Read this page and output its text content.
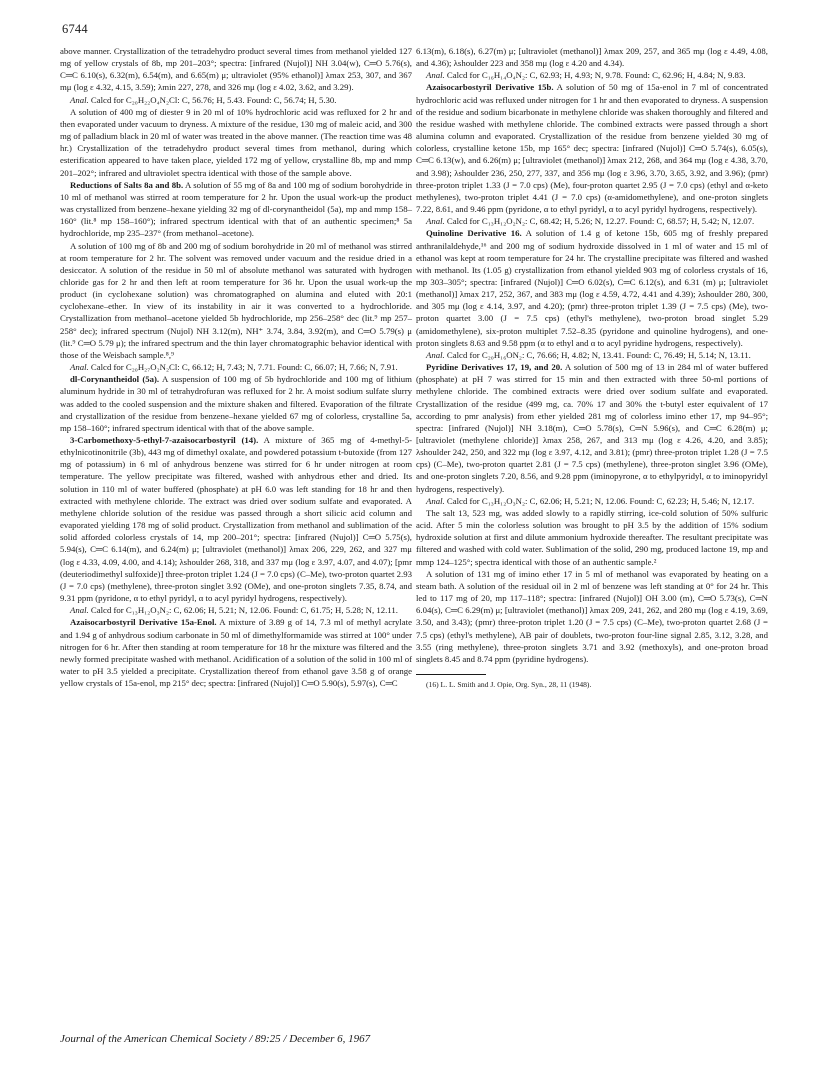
6744

above manner. Crystallization of the tetradehydro product several times from methanol yielded 127 mg of yellow crystals of 8b, mp 201–203°; spectra: [infrared (Nujol)] NH 3.04(w), C═O 5.76(s), C═C 6.10(s), 6.32(m), 6.54(m), and 6.65(m) μ; ultraviolet (95% ethanol)] λmax 253, 307, and 367 mμ (log ε 4.32, 4.15, 3.59); λmin 227, 278, and 326 mμ (log ε 4.02, 3.62, and 3.29).

Anal. Calcd for C₂₀H₂₂O₄N₂Cl: C, 56.76; H, 5.43. Found: C, 56.74; H, 5.30.

A solution of 400 mg of diester 9 in 20 ml of 10% hydrochloric acid was refluxed for 2 hr and then evaporated under vacuum to dryness. A mixture of the residue, 130 mg of maleic acid, and 300 mg of palladium black in 20 ml of water was treated in the above manner. (The reaction time was 48 hr.) Crystallization of the tetradehydro product several times from methanol, during which esterification appeared to have taken place, yielded 172 mg of yellow, crystalline 8b, mp and mmp 201–202°; infrared and ultraviolet spectra identical with those of the sample above.

Reductions of Salts 8a and 8b. A solution of 55 mg of 8a and 100 mg of sodium borohydride in 10 ml of methanol was stirred at room temperature for 2 hr. Upon the usual work-up the product was crystallized from benzene–hexane yielding 32 mg of dl-corynantheidol (5a), mp and mmp 158–160° (lit.⁸ mp 158–160°); infrared spectrum identical with that of an authentic specimen;⁸ 5a hydrochloride, mp 235–237° (from methanol–acetone).

A solution of 100 mg of 8b and 200 mg of sodium borohydride in 20 ml of methanol was stirred at room temperature for 2 hr. The solvent was removed under vacuum and the residue dried in a desiccator. A solution of the residue in 50 ml of absolute methanol was saturated with hydrogen chloride gas for 2 hr and then left at room temperature for 36 hr. Upon the usual work-up the product (in cyclohexane solution) was chromatographed on alumina and eluted with 20:1 cyclohexane–ether. In view of its instability in air it was converted to a hydrochloride. Crystallization from methanol–acetone yielded 5b hydrochloride, mp 256–258° dec (lit.⁹ mp 257–258° dec); infrared spectrum (Nujol) NH 3.12(m), NH⁺ 3.74, 3.84, 3.92(m), and C═O 5.79(s) μ (lit.⁹ C═O 5.79 μ); the infrared spectrum and the thin layer chromatographic behavior identical with those of the Weisbach sample.⁸,⁹

Anal. Calcd for C₂₀H₂₇O₂N₂Cl: C, 66.12; H, 7.43; N, 7.71. Found: C, 66.07; H, 7.66; N, 7.91.

dl-Corynantheidol (5a). A suspension of 100 mg of 5b hydrochloride and 100 mg of lithium aluminum hydride in 30 ml of tetrahydrofuran was refluxed for 2 hr. A moist sodium sulfate slurry was added to the cooled suspension and the mixture shaken and filtered. Evaporation of the filtrate and crystallization of the residue from benzene–hexane yielded 67 mg of colorless, crystalline 5a, mp 158–160°; infrared spectrum identical with that of the above sample.

3-Carbomethoxy-5-ethyl-7-azaisocarbostyril (14). A mixture of 365 mg of 4-methyl-5-ethylnicotinonitrile (3b), 443 mg of dimethyl oxalate, and powdered potassium t-butoxide (from 127 mg of potassium) in 6 ml of anhydrous benzene was stirred for 6 hr under nitrogen at room temperature. The yellow precipitate was filtered, washed with anhydrous ether and dried. Its solution in 110 ml of water buffered (phosphate) at pH 6.0 was left standing for 18 hr and then extracted with methylene chloride. The extract was dried over sodium sulfate and evaporated. A methylene chloride solution of the residue was passed through a short silicic acid column and evaporated yielding 178 mg of solid product. Crystallization from methanol and sublimation of the solid afforded colorless crystals of 14, mp 200–201°; spectra: [infrared (Nujol)] C═O 5.75(s), 5.94(s), C═C 6.14(m), and 6.24(m) μ; [ultraviolet (methanol)] λmax 206, 229, 262, and 327 mμ (log ε 4.33, 4.09, 4.00, and 4.14); λshoulder 268, 318, and 337 mμ (log ε 3.97, 4.07, and 4.07); [pmr (deuteriodimethyl sulfoxide)] three-proton triplet 1.24 (J = 7.0 cps) (C–Me), two-proton quartet 2.93 (J = 7.0 cps) (methylene), three-proton singlet 3.92 (OMe), and one-proton singlets 7.35, 8.74, and 9.31 ppm (pyridone, α to ethyl pyridyl, α to acyl pyridyl hydrogens, respectively).

Anal. Calcd for C₁₃H₁₂O₃N₂: C, 62.06; H, 5.21; N, 12.06. Found: C, 61.75; H, 5.28; N, 12.11.

Azaisocarbostyril Derivative 15a-Enol. A mixture of 3.89 g of 14, 7.3 ml of methyl acrylate and 1.94 g of anhydrous sodium carbonate in 50 ml of dimethylformamide was stirred at 100° under nitrogen for 6 hr. After then standing at room temperature for 18 hr the mixture was filtered and the newly formed precipitate washed with methanol. Acidification of a solution of the solid in 100 ml of water to pH 3.5 yielded a precipitate. Crystallization thereof from ethanol gave 3.58 g of orange yellow crystals of 15a-enol, mp 215° dec; spectra: [infrared (Nujol)] C═O 5.90(s), 5.97(s), C═C

6.13(m), 6.18(s), 6.27(m) μ; [ultraviolet (methanol)] λmax 209, 257, and 365 mμ (log ε 4.49, 4.08, and 4.36); λshoulder 223 and 358 mμ (log ε 4.20 and 4.34).

Anal. Calcd for C₁₆H₁₄O₄N₂: C, 62.93; H, 4.93; N, 9.78. Found: C, 62.96; H, 4.84; N, 9.83.

Azaisocarbostyril Derivative 15b. A solution of 50 mg of 15a-enol in 7 ml of concentrated hydrochloric acid was refluxed under nitrogen for 1 hr and then evaporated to dryness. A suspension of the residue and sodium bicarbonate in methylene chloride was shaken thoroughly and filtered and the residue washed with methylene chloride. The combined extracts were passed through a short alumina column and evaporated. Crystallization of the residue from benzene yielded 30 mg of colorless, crystalline ketone 15b, mp 165° dec; spectra: [infrared (Nujol)] C═O 5.74(s), 6.05(s), C═C 6.13(w), and 6.26(m) μ; [ultraviolet (methanol)] λmax 212, 268, and 364 mμ (log ε 4.38, 3.70, and 3.98); λshoulder 236, 250, 277, 337, and 356 mμ (log ε 3.96, 3.70, 3.65, 3.92, and 3.96); (pmr) three-proton triplet 1.33 (J = 7.0 cps) (Me), four-proton quartet 2.95 (J = 7.0 cps) (ethyl and α-keto methylenes), two-proton triplet 4.41 (J = 7.0 cps) (α-amidomethylene), and one-proton singlets 7.22, 8.61, and 9.46 ppm (pyridone, α to ethyl pyridyl, α to acyl pyridyl hydrogens, respectively).

Anal. Calcd for C₁₃H₁₂O₂N₂: C, 68.42; H, 5.26; N, 12.27. Found: C, 68.57; H, 5.42; N, 12.07.

Quinoline Derivative 16. A solution of 1.4 g of ketone 15b, 605 mg of freshly prepared anthranilaldehyde,¹⁶ and 200 mg of sodium hydroxide dissolved in 1 ml of water and 15 ml of ethanol was kept at room temperature for 24 hr. The crystalline precipitate was filtered and washed with methanol. Its (1.05 g) crystallization from ethanol yielded 903 mg of colorless crystals of 16, mp 303–305°; spectra: [infrared (Nujol)] C═O 6.02(s), C═C 6.12(s), and 6.31 (m) μ; [ultraviolet (methanol)] λmax 217, 252, 367, and 383 mμ (log ε 4.59, 4.72, 4.41 and 4.39); λshoulder 280, 300, and 305 mμ (log ε 4.14, 3.97, and 4.20); (pmr) three-proton triplet 1.39 (J = 7.5 cps) (Me), two-proton quartet 3.00 (J = 7.5 cps) (ethyl's methylene), two-proton broad singlet 5.29 (amidomethylene), six-proton multiplet 7.52–8.35 (pyridone and quinoline hydrogens), and one-proton singlets 8.63 and 9.58 ppm (α to ethyl and α to acyl pyridine hydrogens, respectively).

Anal. Calcd for C₂₀H₁₆ON₂: C, 76.66; H, 4.82; N, 13.41. Found: C, 76.49; H, 5.14; N, 13.11.

Pyridine Derivatives 17, 19, and 20. A solution of 500 mg of 13 in 284 ml of water buffered (phosphate) at pH 7 was stirred for 15 min and then extracted with three 50-ml portions of methylene chloride. The combined extracts were dried over sodium sulfate and evaporated. Crystallization of the residue (499 mg, ca. 70% 17 and 30% the t-butyl ester equivalent of 17 according to pmr analysis) from ether yielded 281 mg of colorless imino ether 17, mp 94–95°; spectra: [infrared (Nujol)] NH 3.18(m), C═O 5.78(s), C═N 5.96(s), and C═C 6.28(m) μ; [ultraviolet (methylene chloride)] λmax 258, 267, and 313 mμ (log ε 4.26, 4.20, and 3.85); λshoulder 242, 250, and 322 mμ (log ε 3.97, 4.12, and 3.81); (pmr) three-proton triplet 1.28 (J = 7.5 cps) (C–Me), two-proton quartet 2.81 (J = 7.5 cps) (methylene), three-proton singlet 3.96 (OMe), and one-proton singlets 7.20, 8.56, and 9.28 ppm (iminopyrone, α to ethylpyridyl, α to iminopyridyl hydrogens, respectively).

Anal. Calcd for C₁₃H₁₂O₃N₂: C, 62.06; H, 5.21; N, 12.06. Found: C, 62.23; H, 5.46; N, 12.17.

The salt 13, 523 mg, was added slowly to a rapidly stirring, ice-cold solution of 50% sulfuric acid. After 5 min the colorless solution was brought to pH 3.5 by the addition of 15% sodium hydroxide solution at first and dilute ammonium hydroxide thereafter. The resultant precipitate was filtered and washed with cold water. Sublimation of the solid, 290 mg, produced lactone 19, mp and mmp 124–125°; spectra identical with those of an authentic sample.²

A solution of 131 mg of imino ether 17 in 5 ml of methanol was evaporated by heating on a steam bath. A solution of the residual oil in 2 ml of benzene was left standing at 0° for 24 hr. This led to 117 mg of 20, mp 117–118°; spectra: [infrared (Nujol)] OH 3.00 (m), C═O 5.73(s), C═N 6.04(s), C═C 6.29(m) μ; [ultraviolet (methanol)] λmax 209, 241, 262, and 280 mμ (log ε 4.19, 3.69, 3.50, and 3.43); (pmr) three-proton triplet 1.20 (J = 7.5 cps) (C–Me), two-proton quartet 2.68 (J = 7.5 cps) (ethyl's methylene), AB pair of doublets, two-proton four-line signal 2.85, 3.12, 3.28, and 3.55 (ring methylene), three-proton singlets 3.71 and 3.92 (methoxyls), and one-proton broad singlets 8.45 and 8.74 ppm (pyridine hydrogens).

(16) L. L. Smith and J. Opie, Org. Syn., 28, 11 (1948).

Journal of the American Chemical Society / 89:25 / December 6, 1967
